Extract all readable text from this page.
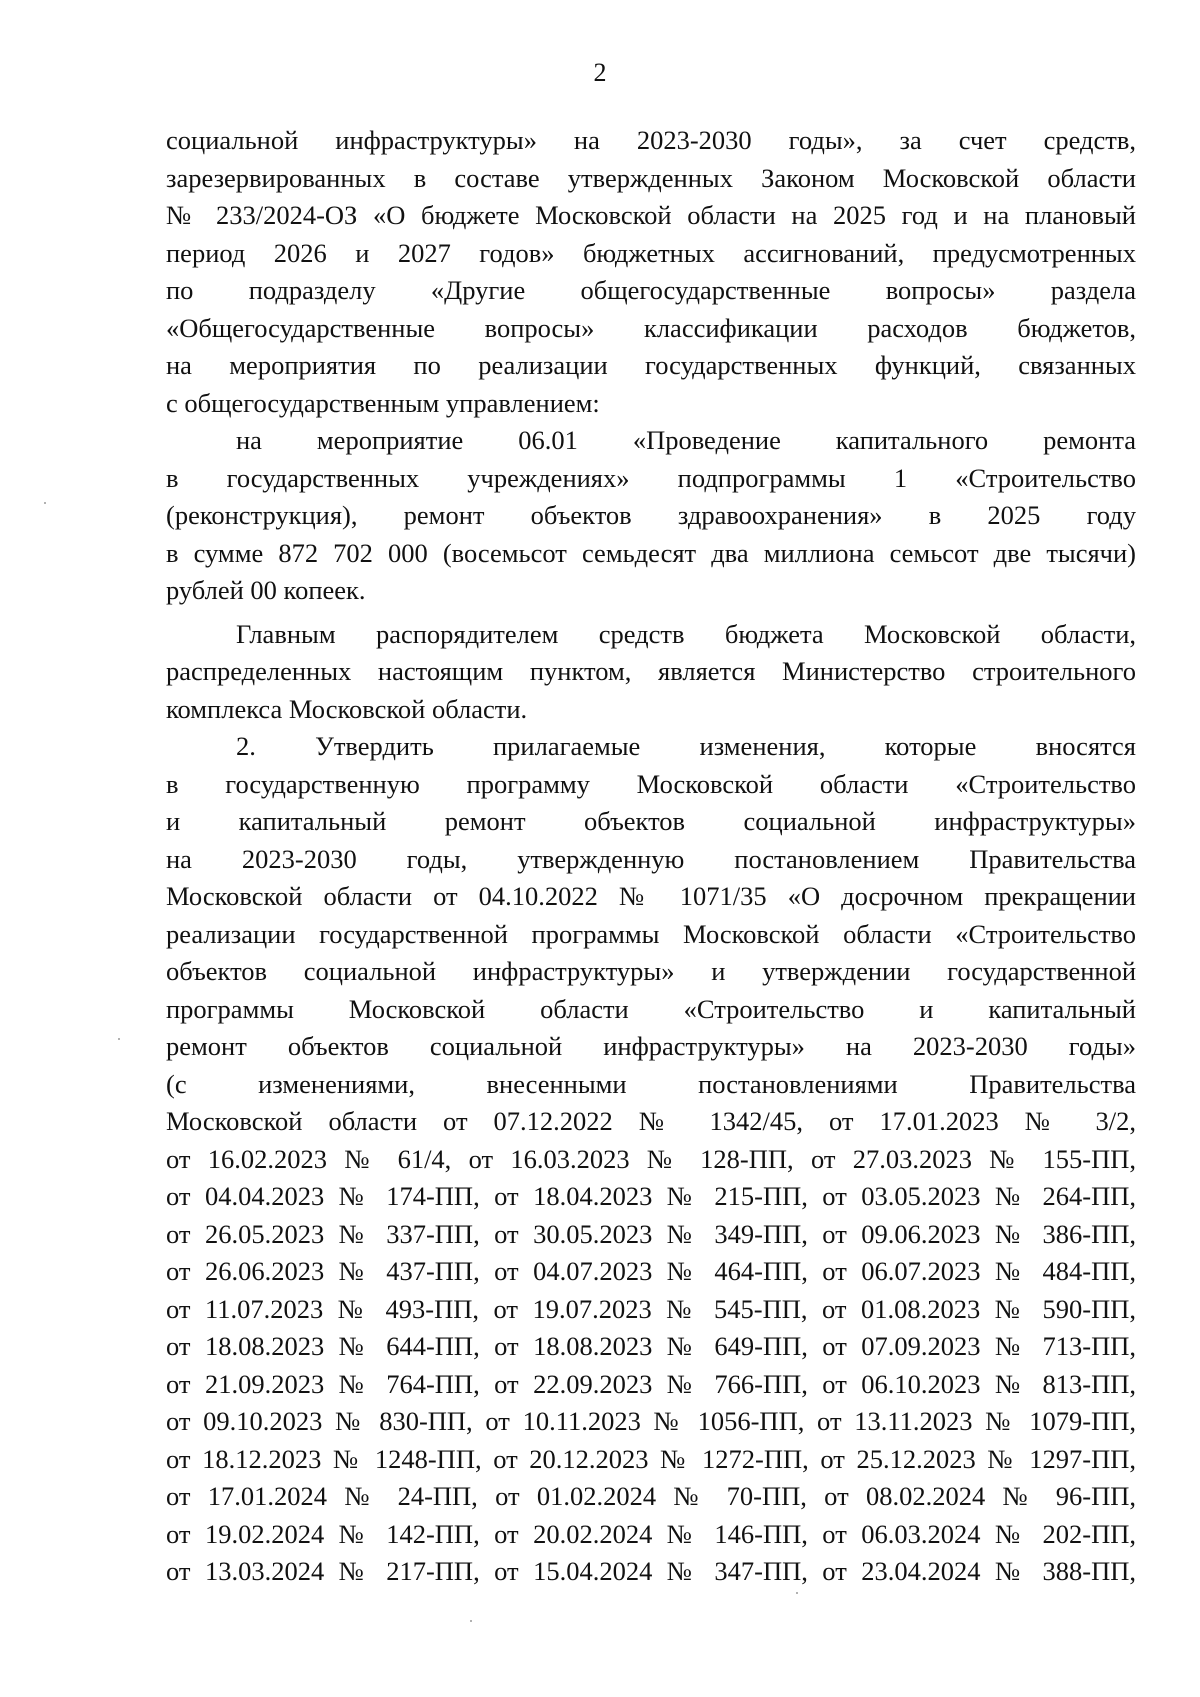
2
социальной инфраструктуры» на 2023-2030 годы», за счет средств,
зарезервированных в составе утвержденных Законом Московской области
№ 233/2024-ОЗ «О бюджете Московской области на 2025 год и на плановый
период 2026 и 2027 годов» бюджетных ассигнований, предусмотренных
по подразделу «Другие общегосударственные вопросы» раздела
«Общегосударственные вопросы» классификации расходов бюджетов,
на мероприятия по реализации государственных функций, связанных
с общегосударственным управлением:
на мероприятие 06.01 «Проведение капитального ремонта
в государственных учреждениях» подпрограммы 1 «Строительство
(реконструкция), ремонт объектов здравоохранения» в 2025 году
в сумме 872 702 000 (восемьсот семьдесят два миллиона семьсот две тысячи)
рублей 00 копеек.
Главным распорядителем средств бюджета Московской области,
распределенных настоящим пунктом, является Министерство строительного
комплекса Московской области.
2. Утвердить прилагаемые изменения, которые вносятся
в государственную программу Московской области «Строительство
и капитальный ремонт объектов социальной инфраструктуры»
на 2023-2030 годы, утвержденную постановлением Правительства
Московской области от 04.10.2022 № 1071/35 «О досрочном прекращении
реализации государственной программы Московской области «Строительство
объектов социальной инфраструктуры» и утверждении государственной
программы Московской области «Строительство и капитальный
ремонт объектов социальной инфраструктуры» на 2023-2030 годы»
(с изменениями, внесенными постановлениями Правительства
Московской области от 07.12.2022 № 1342/45, от 17.01.2023 № 3/2,
от 16.02.2023 № 61/4, от 16.03.2023 № 128-ПП, от 27.03.2023 № 155-ПП,
от 04.04.2023 № 174-ПП, от 18.04.2023 № 215-ПП, от 03.05.2023 № 264-ПП,
от 26.05.2023 № 337-ПП, от 30.05.2023 № 349-ПП, от 09.06.2023 № 386-ПП,
от 26.06.2023 № 437-ПП, от 04.07.2023 № 464-ПП, от 06.07.2023 № 484-ПП,
от 11.07.2023 № 493-ПП, от 19.07.2023 № 545-ПП, от 01.08.2023 № 590-ПП,
от 18.08.2023 № 644-ПП, от 18.08.2023 № 649-ПП, от 07.09.2023 № 713-ПП,
от 21.09.2023 № 764-ПП, от 22.09.2023 № 766-ПП, от 06.10.2023 № 813-ПП,
от 09.10.2023 № 830-ПП, от 10.11.2023 № 1056-ПП, от 13.11.2023 № 1079-ПП,
от 18.12.2023 № 1248-ПП, от 20.12.2023 № 1272-ПП, от 25.12.2023 № 1297-ПП,
от 17.01.2024 № 24-ПП, от 01.02.2024 № 70-ПП, от 08.02.2024 № 96-ПП,
от 19.02.2024 № 142-ПП, от 20.02.2024 № 146-ПП, от 06.03.2024 № 202-ПП,
от 13.03.2024 № 217-ПП, от 15.04.2024 № 347-ПП, от 23.04.2024 № 388-ПП,
